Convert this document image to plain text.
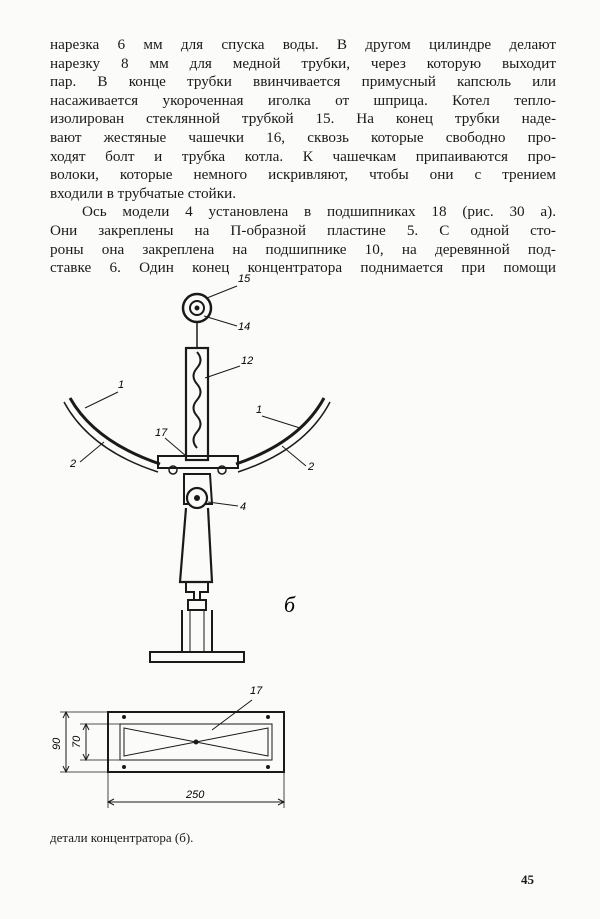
нарезка 6 мм для спуска воды. В другом цилиндре делают
нарезку 8 мм для медной трубки, через которую выходит
пар. В конце трубки ввинчивается примусный капсюль или
насаживается укороченная иголка от шприца. Котел тепло-
изолирован стеклянной трубкой 15. На конец трубки наде-
вают жестяные чашечки 16, сквозь которые свободно про-
ходят болт и трубка котла. К чашечкам припаиваются про-
волоки, которые немного искривляют, чтобы они с трением
входили в трубчатые стойки.

Ось модели 4 установлена в подшипниках 18 (рис. 30 а).
Они закреплены на П-образной пластине 5. С одной сто-
роны она закреплена на подшипнике 10, на деревянной под-
ставке 6. Один конец концентратора поднимается при помощи

15
14
12
1
1
17
2	2
4
б
17
90 70
250
детали концентратора (б).
45
